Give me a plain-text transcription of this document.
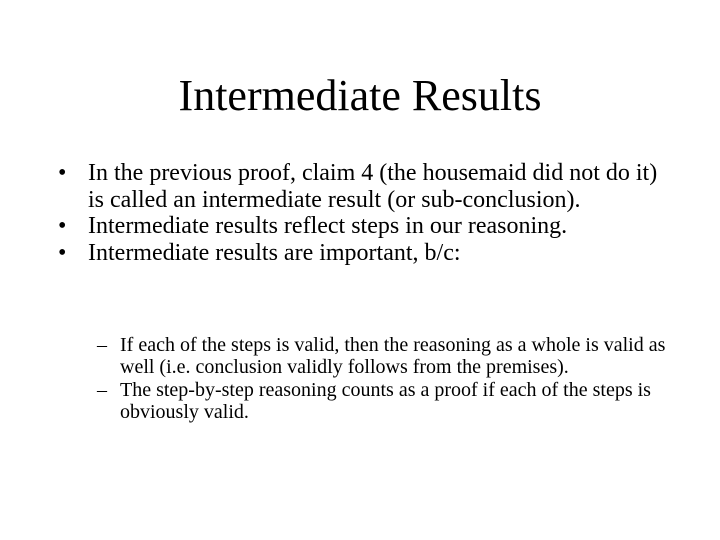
Intermediate Results
• In the previous proof, claim 4 (the housemaid did not do it) is called an intermediate result (or sub-conclusion).
• Intermediate results reflect steps in our reasoning.
• Intermediate results are important, b/c:
– If each of the steps is valid, then the reasoning as a whole is valid as well (i.e. conclusion validly follows from the premises).
– The step-by-step reasoning counts as a proof if each of the steps is obviously valid.
